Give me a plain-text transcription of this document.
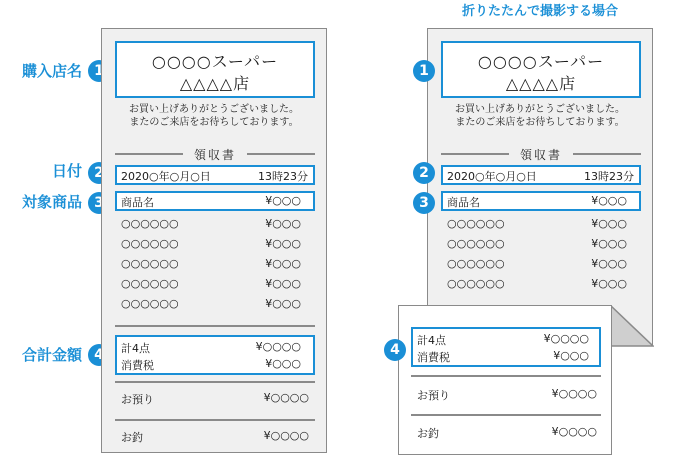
購入店名
1
日付
2
対象商品
3
合計金額
4
○○○○スーパー
△△△△店
お買い上げありがとうございました。
またのご来店をお待ちしております。
領収書
2020○年○月○日	13時23分
商品名	¥○○○
○○○○○○	¥○○○
○○○○○○	¥○○○
○○○○○○	¥○○○
○○○○○○	¥○○○
○○○○○○	¥○○○
計4点	¥○○○○
消費税	¥○○○
お預り	¥○○○○
お釣	¥○○○○
折りたたんで撮影する場合
○○○○スーパー
△△△△店
お買い上げありがとうございました。
またのご来店をお待ちしております。
領収書
2020○年○月○日	13時23分
商品名	¥○○○
○○○○○○	¥○○○
○○○○○○	¥○○○
○○○○○○	¥○○○
○○○○○○	¥○○○
計4点	¥○○○○
消費税	¥○○○
お預り	¥○○○○
お釣	¥○○○○
1
2
3
4
